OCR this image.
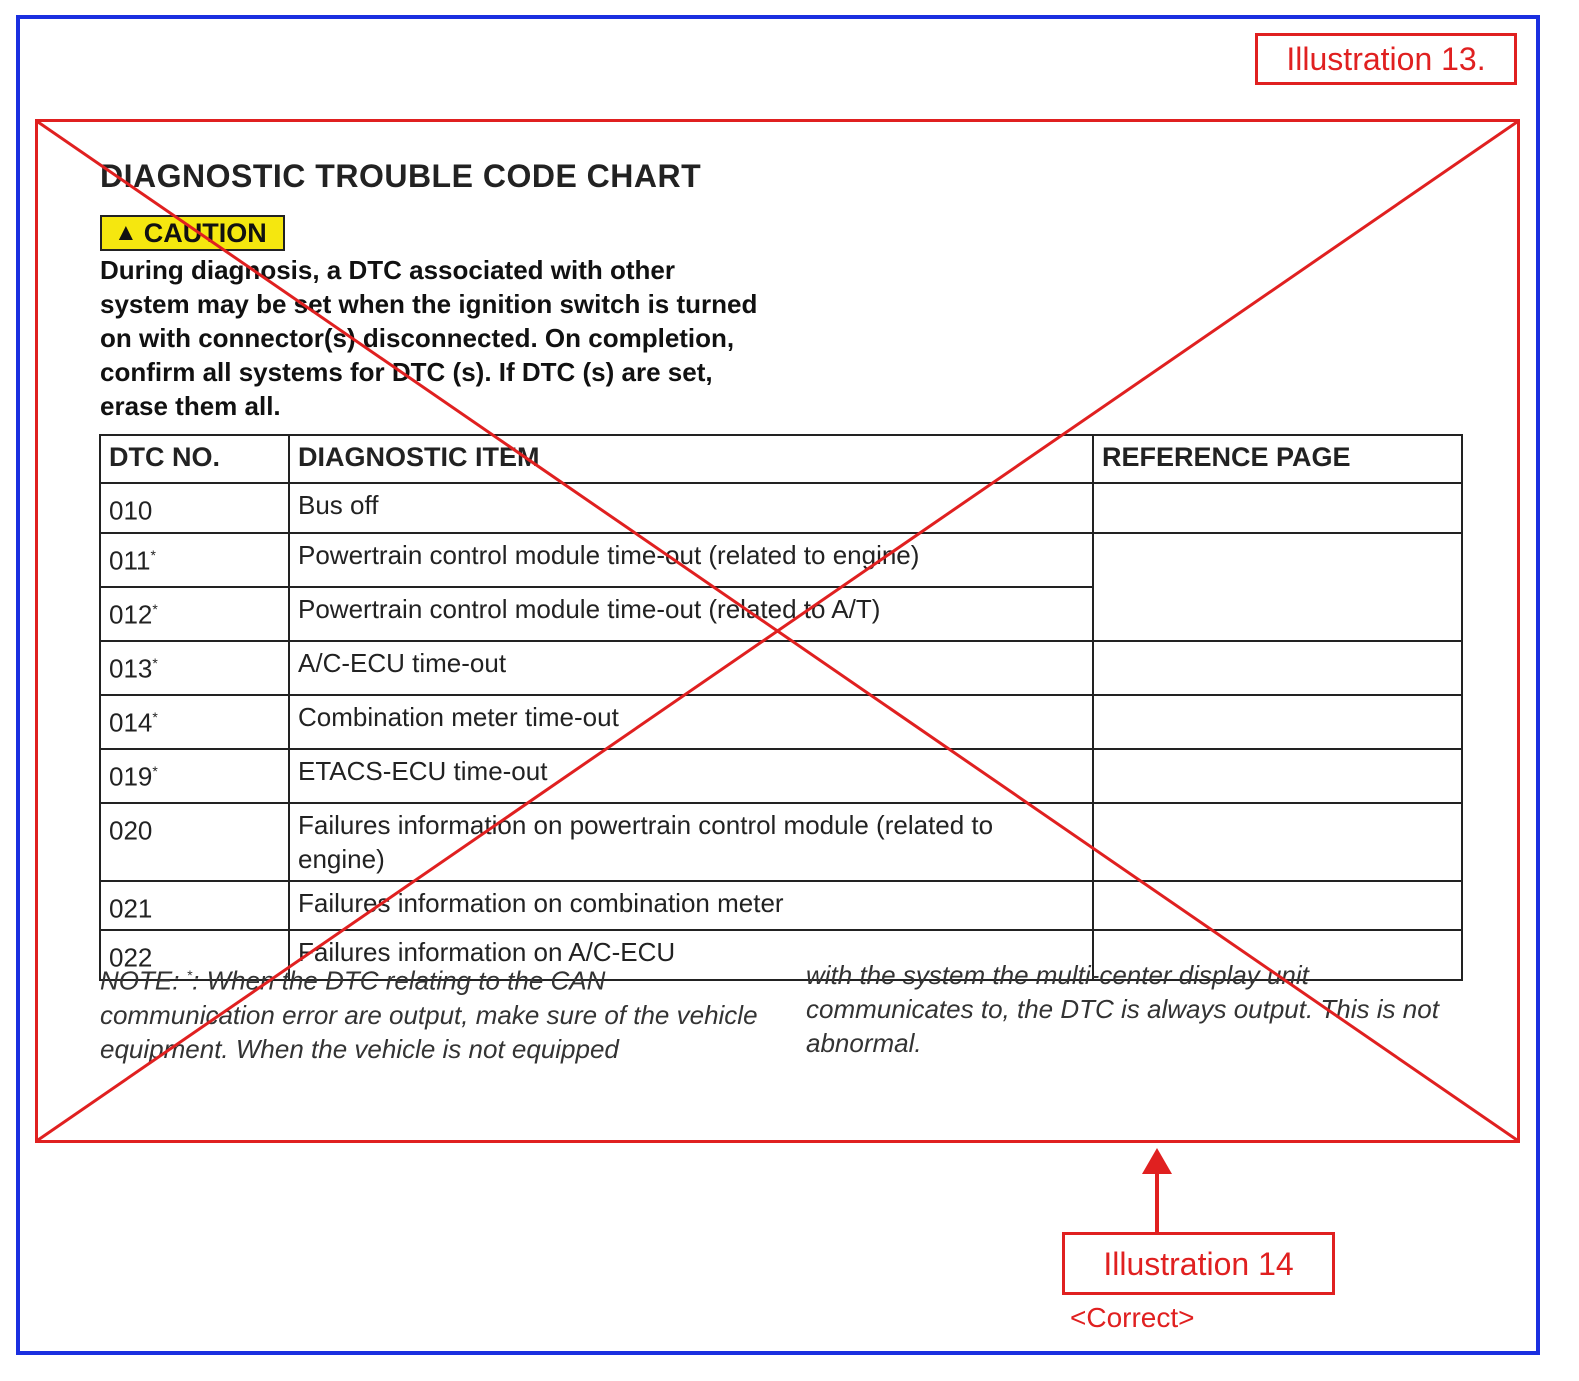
Illustration 13.
DIAGNOSTIC TROUBLE CODE CHART
▲ CAUTION
During diagnosis, a DTC associated with other system may be set when the ignition switch is turned on with connector(s) disconnected. On completion, confirm all systems for DTC (s). If DTC (s) are set, erase them all.
DTC NO.	DIAGNOSTIC ITEM	REFERENCE PAGE
010	Bus off	
011*	Powertrain control module time-out (related to engine)	
012*	Powertrain control module time-out (related to A/T)	
013*	A/C-ECU time-out	
014*	Combination meter time-out	
019*	ETACS-ECU time-out	
020	Failures information on powertrain control module (related to engine)	
021	Failures information on combination meter	
022	Failures information on A/C-ECU	
NOTE: *: When the DTC relating to the CAN communication error are output, make sure of the vehicle equipment. When the vehicle is not equipped
with the system the multi-center display unit communicates to, the DTC is always output. This is not abnormal.
Illustration 14
<Correct>
